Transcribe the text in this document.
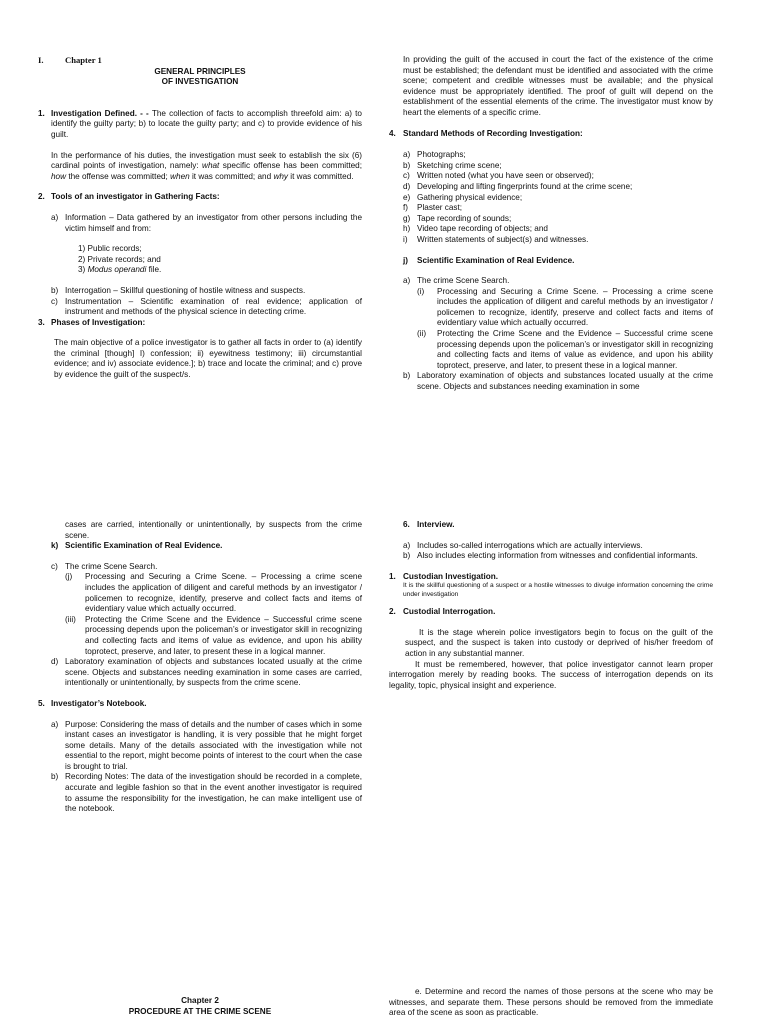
I.	Chapter 1
GENERAL PRINCIPLES
OF INVESTIGATION
1. Investigation Defined. - - The collection of facts to accomplish threefold aim: a) to identify the guilty party; b) to locate the guilty party; and c) to provide evidence of his guilt.
In the performance of his duties, the investigation must seek to establish the six (6) cardinal points of investigation, namely: what specific offense has been committed; how the offense was committed; when it was committed; and why it was committed.
2. Tools of an investigator in Gathering Facts:
a) Information – Data gathered by an investigator from other persons including the victim himself and from:
1) Public records;
2) Private records; and
3) Modus operandi file.
b) Interrogation – Skillful questioning of hostile witness and suspects.
c) Instrumentation – Scientific examination of real evidence; application of instrument and methods of the physical science in detecting crime.
3. Phases of Investigation:
The main objective of a police investigator is to gather all facts in order to (a) identify the criminal [though] I) confession; ii) eyewitness testimony; iii) circumstantial evidence; and iv) associate evidence.]; b) trace and locate the criminal; and c) prove by evidence the guilt of the suspect/s.
In providing the guilt of the accused in court the fact of the existence of the crime must be established; the defendant must be identified and associated with the crime scene; competent and credible witnesses must be available; and the physical evidence must be appropriately identified. The proof of guilt will depend on the establishment of the essential elements of the crime. The investigator must know by heart the elements of a specific crime.
4. Standard Methods of Recording Investigation:
a) Photographs;
b) Sketching crime scene;
c) Written noted (what you have seen or observed);
d) Developing and lifting fingerprints found at the crime scene;
e) Gathering physical evidence;
f)	Plaster cast;
g) Tape recording of sounds;
h) Video tape recording of objects; and
i)	Written statements of subject(s) and witnesses.
j)	Scientific Examination of Real Evidence.
a) The crime Scene Search.
(i)	Processing and Securing a Crime Scene. – Processing a crime scene includes the application of diligent and careful methods by an investigator / policemen to recognize, identify, preserve and collect facts and items of evidentiary value which actually occurred.
(ii)	Protecting the Crime Scene and the Evidence – Successful crime scene processing depends upon the policeman’s or investigator skill in recognizing and collecting facts and items of value as evidence, and upon his ability toprotect, preserve, and later, to present these in a logical manner.
b) Laboratory examination of objects and substances located usually at the crime scene. Objects and substances needing examination in some
cases are carried, intentionally or unintentionally, by suspects from the crime scene.
k) Scientific Examination of Real Evidence.
c) The crime Scene Search.
(j)	Processing and Securing a Crime Scene. – Processing a crime scene includes the application of diligent and careful methods by an investigator / policemen to recognize, identify, preserve and collect facts and items of evidentiary value which actually occurred.
(iii)	Protecting the Crime Scene and the Evidence – Successful crime scene processing depends upon the policeman’s or investigator skill in recognizing and collecting facts and items of value as evidence, and upon his ability toprotect, preserve, and later, to present these in a logical manner.
d) Laboratory examination of objects and substances located usually at the crime scene. Objects and substances needing examination in some cases are carried, intentionally or unintentionally, by suspects from the crime scene.
5. Investigator’s Notebook.
a) Purpose: Considering the mass of details and the number of cases which in some instant cases an investigator is handling, it is very possible that he might forget some details. Many of the details associated with the investigation while not essential to the report, might become points of interest to the court when the case is brought to trial.
b) Recording Notes: The data of the investigation should be recorded in a complete, accurate and legible fashion so that in the event another investigator is required to assume the responsibility for the investigation, he can make intelligent use of the notebook.
6. Interview.
a) Includes so-called interrogations which are actually interviews.
b) Also includes electing information from witnesses and confidential informants.
1. Custodian Investigation.
It is the skillful questioning of a suspect or a hostile witnesses to divulge information concerning the crime under investigation
2. Custodial Interrogation.
It is the stage wherein police investigators begin to focus on the guilt of the suspect, and the suspect is taken into custody or deprived of his/her freedom of action in any substantial manner.
It must be remembered, however, that police investigator cannot learn proper interrogation merely by reading books. The success of interrogation depends on its legality, topic, physical insight and experience.
Chapter 2
PROCEDURE AT THE CRIME SCENE
e. Determine and record the names of those persons at the scene who may be witnesses, and separate them. These persons should be removed from the immediate area of the scene as soon as practicable.
